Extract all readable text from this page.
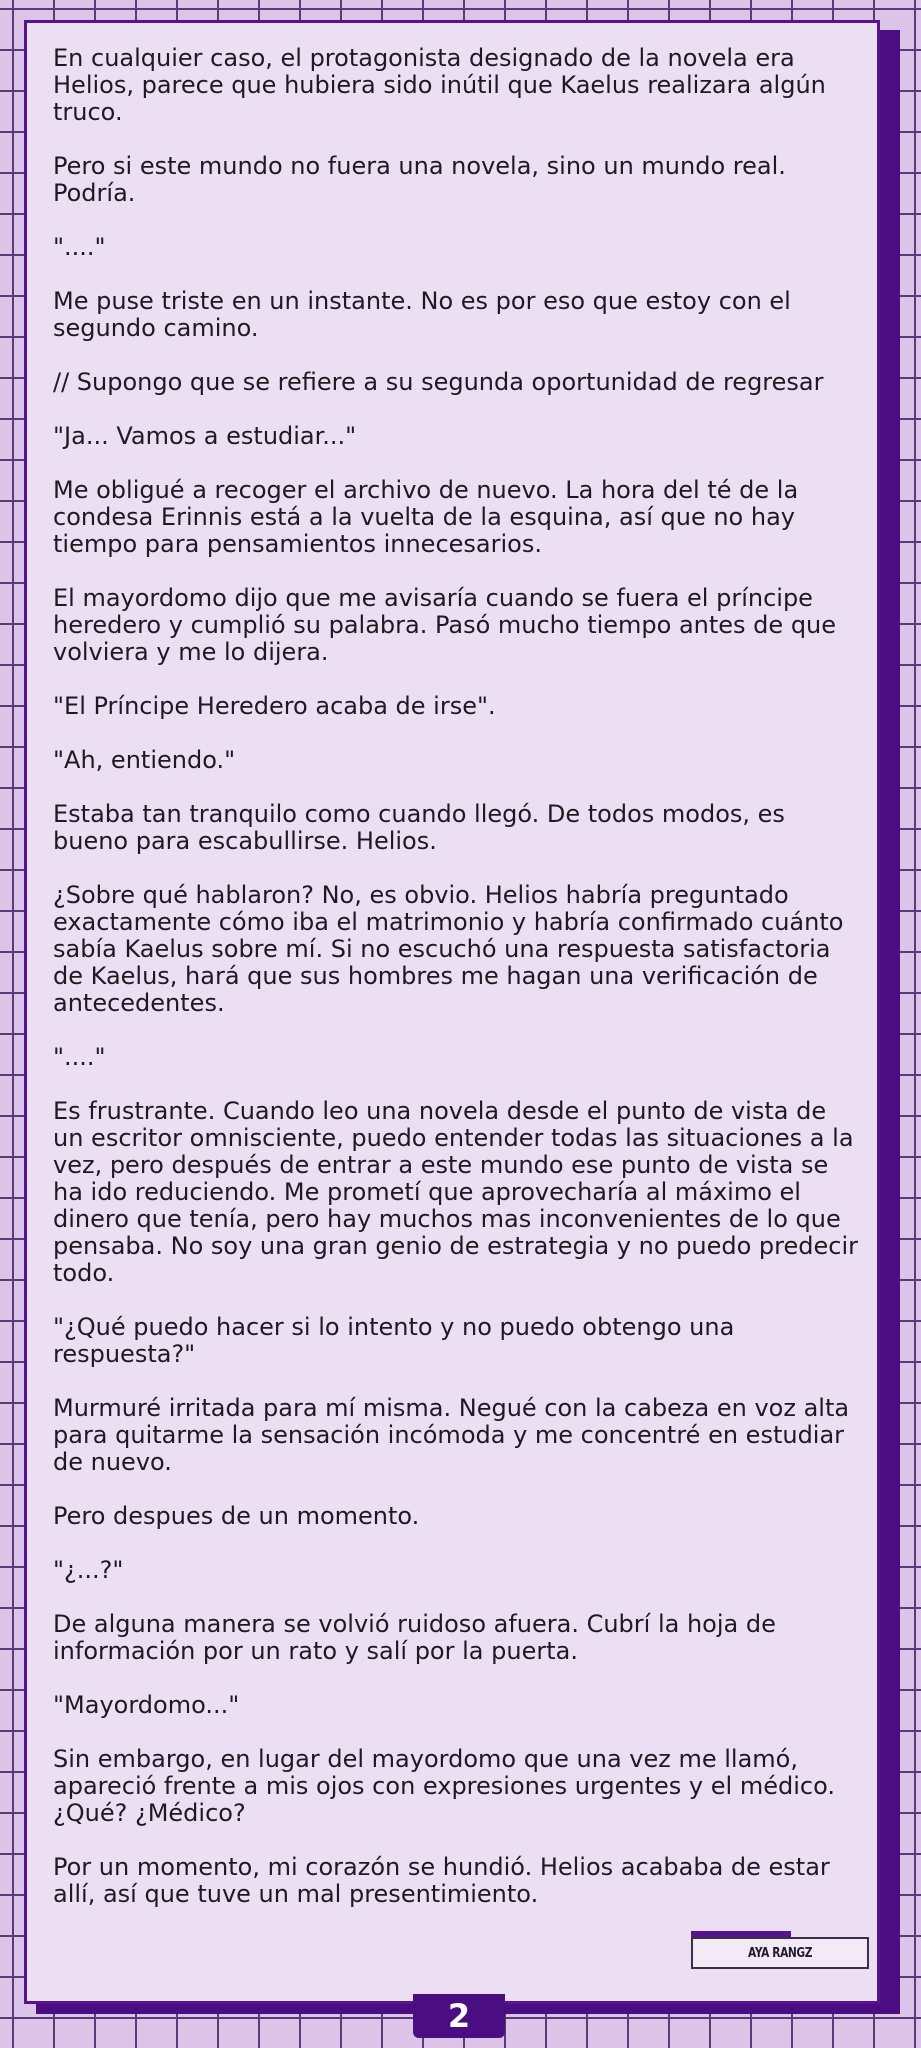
En cualquier caso, el protagonista designado de la novela era Helios, parece que hubiera sido inútil que Kaelus realizara algún truco.

Pero si este mundo no fuera una novela, sino un mundo real. Podría.

"...."

Me puse triste en un instante. No es por eso que estoy con el segundo camino.

// Supongo que se refiere a su segunda oportunidad de regresar

"Ja... Vamos a estudiar..."

Me obligué a recoger el archivo de nuevo. La hora del té de la condesa Erinnis está a la vuelta de la esquina, así que no hay tiempo para pensamientos innecesarios.

El mayordomo dijo que me avisaría cuando se fuera el príncipe heredero y cumplió su palabra. Pasó mucho tiempo antes de que volviera y me lo dijera.

"El Príncipe Heredero acaba de irse".

"Ah, entiendo."

Estaba tan tranquilo como cuando llegó. De todos modos, es bueno para escabullirse. Helios.

¿Sobre qué hablaron? No, es obvio. Helios habría preguntado exactamente cómo iba el matrimonio y habría confirmado cuánto sabía Kaelus sobre mí. Si no escuchó una respuesta satisfactoria de Kaelus, hará que sus hombres me hagan una verificación de antecedentes.

"...."

Es frustrante. Cuando leo una novela desde el punto de vista de un escritor omnisciente, puedo entender todas las situaciones a la vez, pero después de entrar a este mundo ese punto de vista se ha ido reduciendo. Me prometí que aprovecharía al máximo el dinero que tenía, pero hay muchos mas inconvenientes de lo que pensaba. No soy una gran genio de estrategia y no puedo predecir todo.

"¿Qué puedo hacer si lo intento y no puedo obtengo una respuesta?"

Murmuré irritada para mí misma. Negué con la cabeza en voz alta para quitarme la sensación incómoda y me concentré en estudiar de nuevo.

Pero despues de un momento.

"¿...?"

De alguna manera se volvió ruidoso afuera. Cubrí la hoja de información por un rato y salí por la puerta.

"Mayordomo..."

Sin embargo, en lugar del mayordomo que una vez me llamó, apareció frente a mis ojos con expresiones urgentes y el médico. ¿Qué? ¿Médico?

Por un momento, mi corazón se hundió. Helios acababa de estar allí, así que tuve un mal presentimiento.

AYA RANGZ
2
